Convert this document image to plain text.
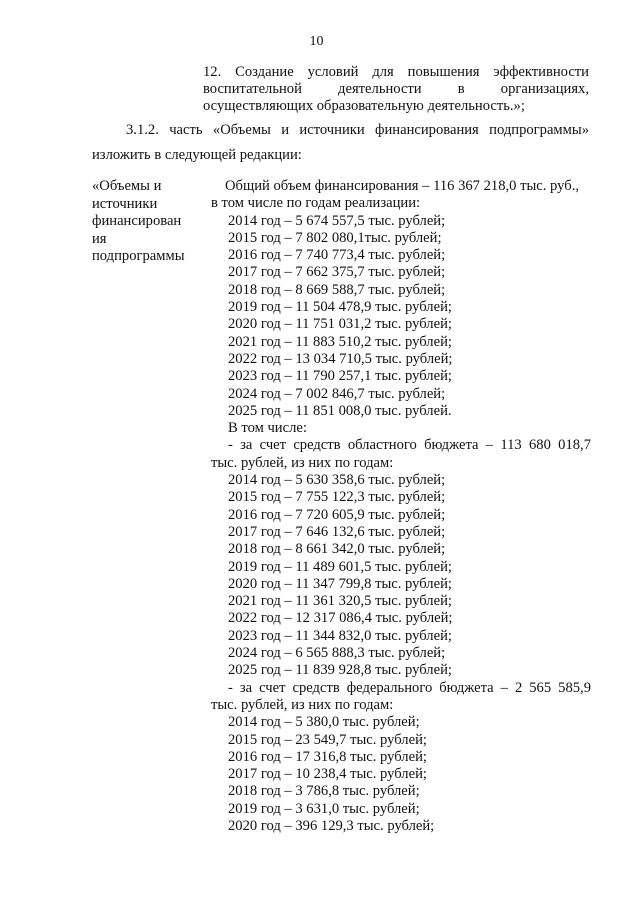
10
12. Создание условий для повышения эффективности
воспитательной деятельности в организациях,
осуществляющих образовательную деятельность.»;
3.1.2. часть «Объемы и источники финансирования подпрограммы»
изложить в следующей редакции:
«Объемы и
источники
финансирован
ия
подпрограммы
Общий объем финансирования – 116 367 218,0 тыс. руб.,
в том числе по годам реализации:
2014 год – 5 674 557,5 тыс. рублей;
2015 год – 7 802 080,1тыс. рублей;
2016 год – 7 740 773,4 тыс. рублей;
2017 год – 7 662 375,7 тыс. рублей;
2018 год – 8 669 588,7 тыс. рублей;
2019 год – 11 504 478,9 тыс. рублей;
2020 год – 11 751 031,2 тыс. рублей;
2021 год – 11 883 510,2 тыс. рублей;
2022 год – 13 034 710,5 тыс. рублей;
2023 год – 11 790 257,1 тыс. рублей;
2024 год – 7 002 846,7 тыс. рублей;
2025 год – 11 851 008,0 тыс. рублей.
В том числе:
- за счет средств областного бюджета – 113 680 018,7
тыс. рублей, из них по годам:
2014 год – 5 630 358,6 тыс. рублей;
2015 год – 7 755 122,3 тыс. рублей;
2016 год – 7 720 605,9 тыс. рублей;
2017 год – 7 646 132,6 тыс. рублей;
2018 год – 8 661 342,0 тыс. рублей;
2019 год – 11 489 601,5 тыс. рублей;
2020 год – 11 347 799,8 тыс. рублей;
2021 год – 11 361 320,5 тыс. рублей;
2022 год – 12 317 086,4 тыс. рублей;
2023 год – 11 344 832,0 тыс. рублей;
2024 год – 6 565 888,3 тыс. рублей;
2025 год – 11 839 928,8 тыс. рублей;
- за счет средств федерального бюджета – 2 565 585,9
тыс. рублей, из них по годам:
2014 год – 5 380,0 тыс. рублей;
2015 год – 23 549,7 тыс. рублей;
2016 год – 17 316,8 тыс. рублей;
2017 год – 10 238,4 тыс. рублей;
2018 год – 3 786,8 тыс. рублей;
2019 год – 3 631,0 тыс. рублей;
2020 год – 396 129,3 тыс. рублей;
